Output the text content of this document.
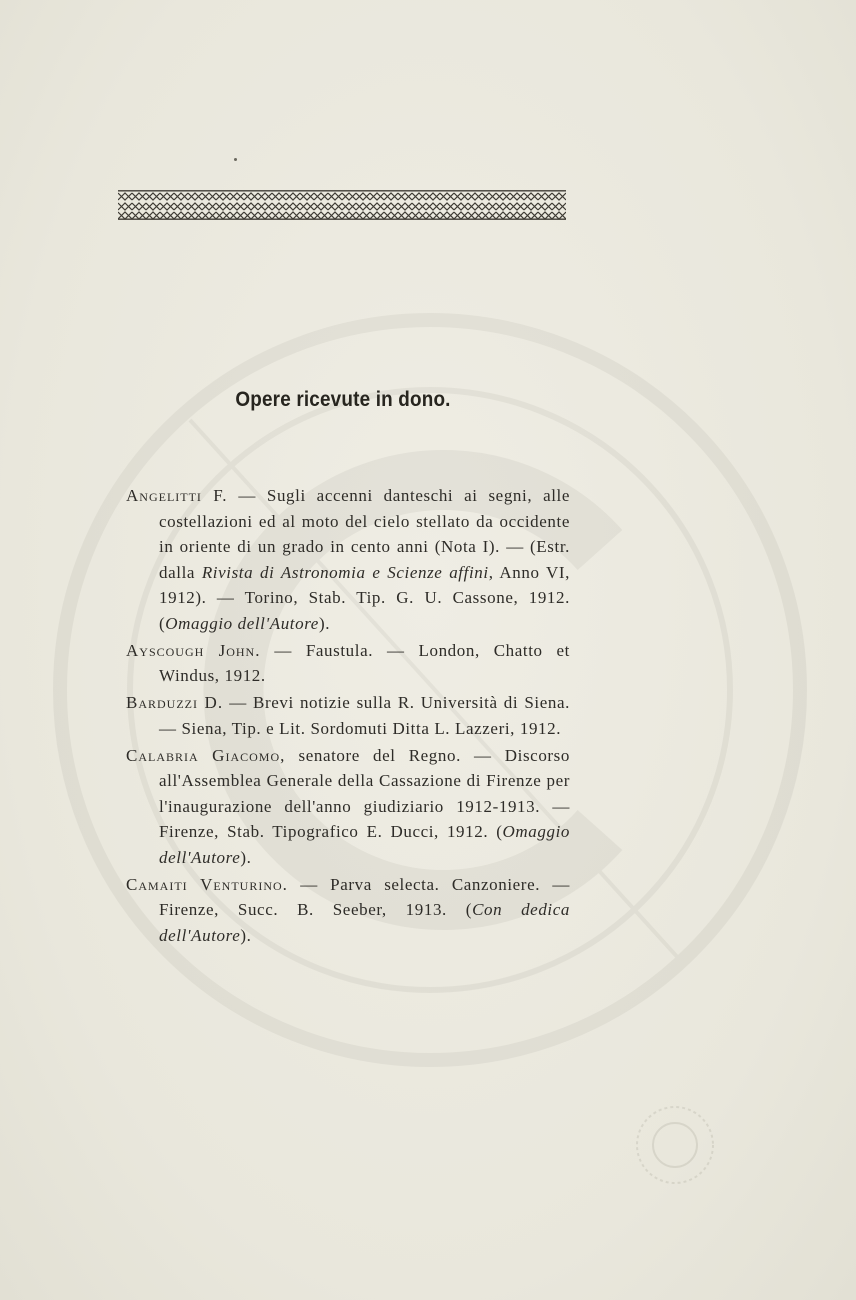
Opere ricevute in dono.

Angelitti F. — Sugli accenni danteschi ai segni, alle costellazioni ed al moto del cielo stellato da occidente in oriente di un grado in cento anni (Nota I). — (Estr. dalla Rivista di Astronomia e Scienze affini, Anno VI, 1912). — Torino, Stab. Tip. G. U. Cassone, 1912. (Omaggio dell'Autore).

Ayscough John. — Faustula. — London, Chatto et Windus, 1912.

Barduzzi D. — Brevi notizie sulla R. Università di Siena. — Siena, Tip. e Lit. Sordomuti Ditta L. Lazzeri, 1912.

Calabria Giacomo, senatore del Regno. — Discorso all'Assemblea Generale della Cassazione di Firenze per l'inaugurazione dell'anno giudiziario 1912-1913. — Firenze, Stab. Tipografico E. Ducci, 1912. (Omaggio dell'Autore).

Camaiti Venturino. — Parva selecta. Canzoniere. — Firenze, Succ. B. Seeber, 1913. (Con dedica dell'Autore).
